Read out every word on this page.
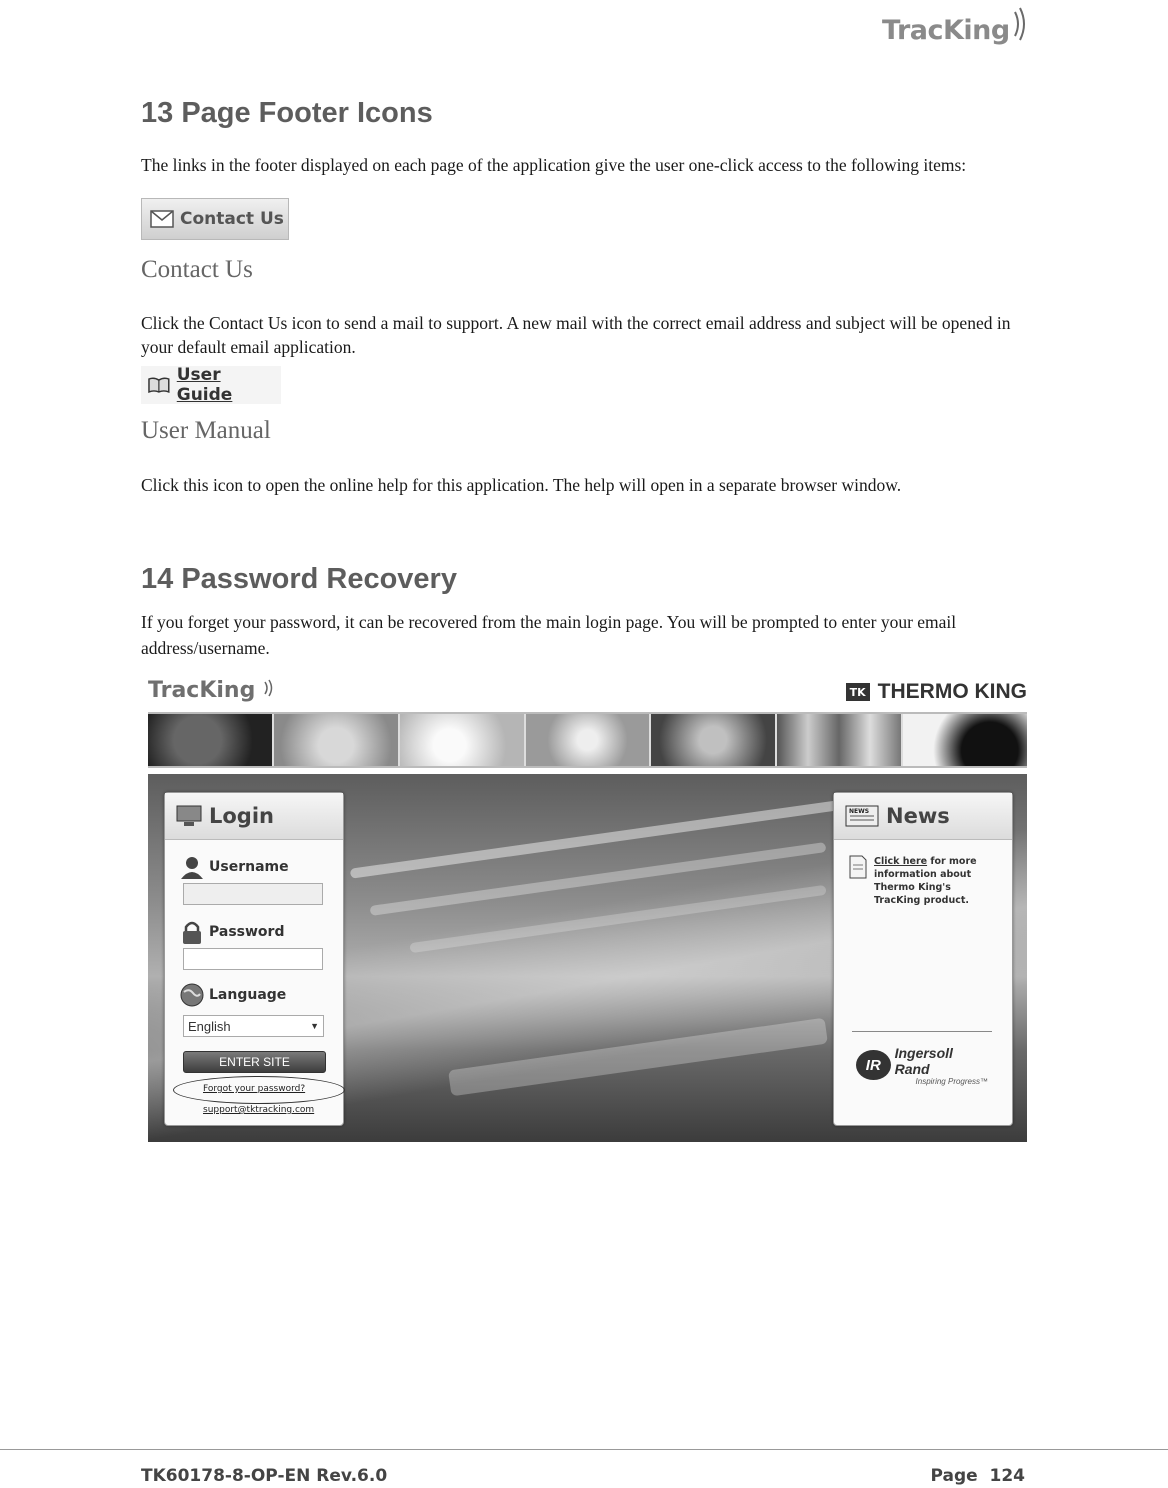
TracKing
13 Page Footer Icons
The links in the footer displayed on each page of the application give the user one-click access to the following items:
Contact Us
Contact Us
Click the Contact Us icon to send a mail to support. A new mail with the correct email address and subject will be opened in your default email application.
User Guide
User Manual
Click this icon to open the online help for this application. The help will open in a separate browser window.
14 Password Recovery
If you forget your password, it can be recovered from the main login page. You will be prompted to enter your email address/username.
TracKing	TK THERMO KING
Login
Username
Password
Language
English	▼
ENTER SITE
Forgot your password?
support@tktracking.com
NEWS News
Click here for more information about Thermo King's TracKing product.
IR
Ingersoll Rand
Inspiring Progress™
TK60178-8-OP-EN Rev.6.0	Page  124
